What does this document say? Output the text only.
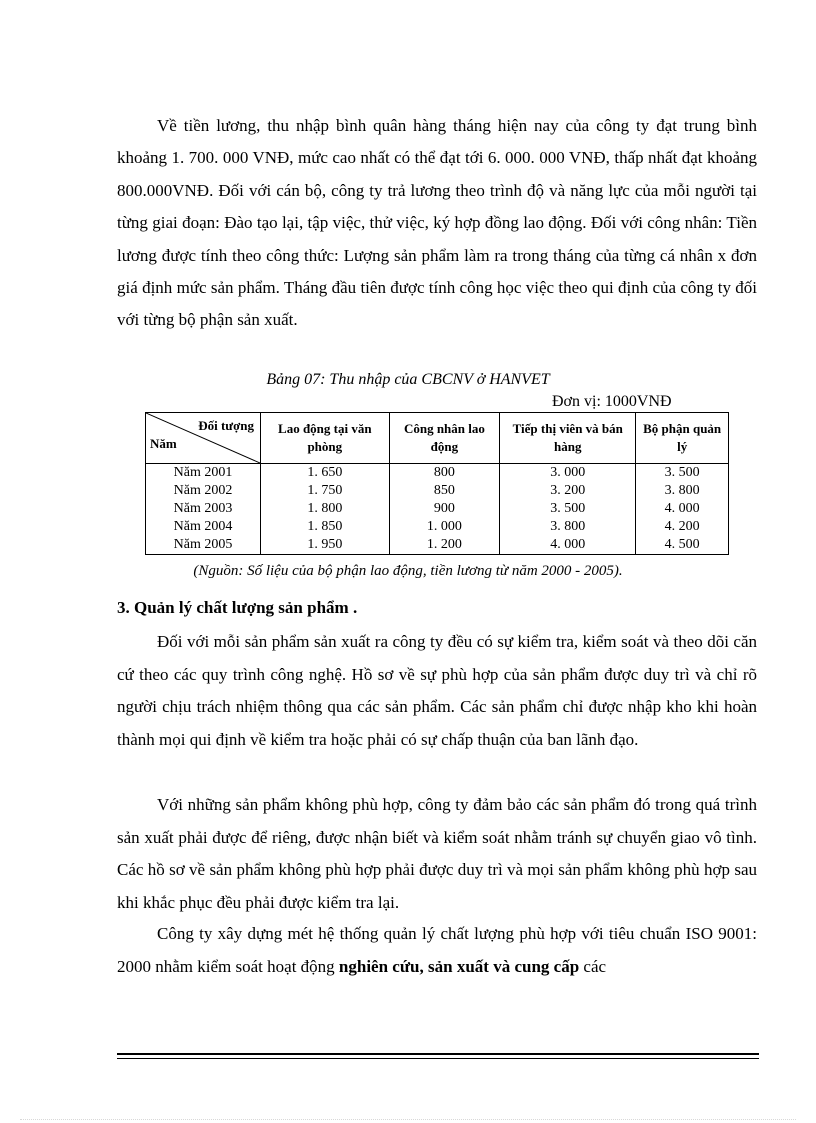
Về tiền lương, thu nhập bình quân hàng tháng hiện nay của công ty đạt trung bình khoảng 1. 700. 000 VNĐ, mức cao nhất có thể đạt tới 6. 000. 000 VNĐ, thấp nhất đạt khoảng 800.000VNĐ. Đối với cán bộ, công ty trả lương theo trình độ và năng lực của mỗi người tại từng giai đoạn: Đào tạo lại, tập việc, thử việc, ký hợp đồng lao động. Đối với công nhân: Tiền lương được tính theo công thức: Lượng sản phẩm làm ra trong tháng của từng cá nhân x đơn giá định mức sản phẩm. Tháng đầu tiên được tính công học việc theo qui định của công ty đối với từng bộ phận sản xuất.

Bảng 07: Thu nhập của CBCNV ở HANVET
Đơn vị: 1000VNĐ
Đối tượng
Năm	Lao động tại văn phòng	Công nhân lao động	Tiếp thị viên và bán hàng	Bộ phận quản lý
Năm 2001	1. 650	800	3. 000	3. 500
Năm 2002	1. 750	850	3. 200	3. 800
Năm 2003	1. 800	900	3. 500	4. 000
Năm 2004	1. 850	1. 000	3. 800	4. 200
Năm 2005	1. 950	1. 200	4. 000	4. 500
(Nguồn: Số liệu của bộ phận lao động, tiền lương từ năm 2000 - 2005).
3. Quản lý chất lượng sản phẩm .

Đối với mỗi sản phẩm sản xuất ra công ty đều có sự kiểm tra, kiểm soát và theo dõi căn cứ theo các quy trình công nghệ. Hồ sơ về sự phù hợp của sản phẩm được duy trì và chỉ rõ người chịu trách nhiệm thông qua các sản phẩm. Các sản phẩm chỉ được nhập kho khi hoàn thành mọi qui định về kiểm tra hoặc phải có sự chấp thuận của ban lãnh đạo.

Với những sản phẩm không phù hợp, công ty đảm bảo các sản phẩm đó trong quá trình sản xuất phải được để riêng, được nhận biết và kiểm soát nhằm tránh sự chuyển giao vô tình. Các hồ sơ về sản phẩm không phù hợp phải được duy trì và mọi sản phẩm không phù hợp sau khi khắc phục đều phải được kiểm tra lại.

Công ty xây dựng mét hệ thống quản lý chất lượng phù hợp với tiêu chuẩn ISO 9001: 2000 nhằm kiểm soát hoạt động nghiên cứu, sản xuất và cung cấp các
